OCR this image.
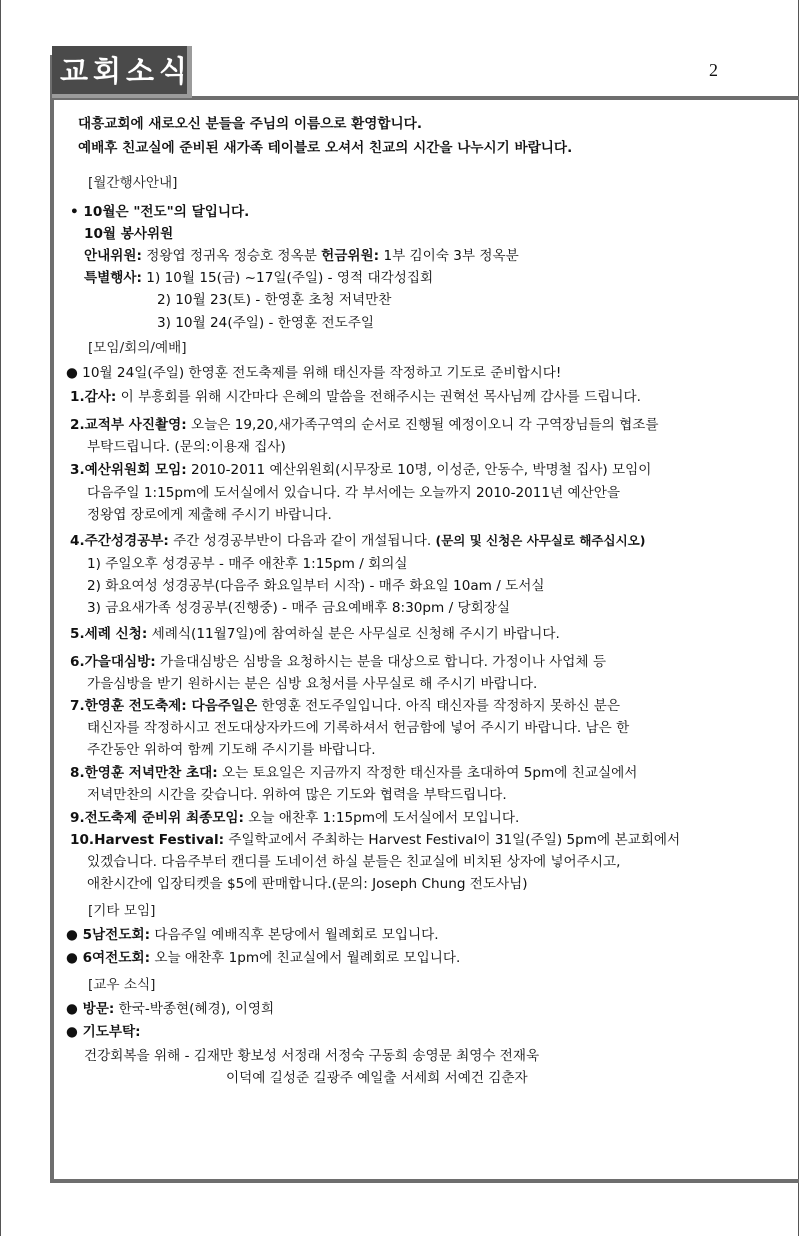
교회소식	2
대흥교회에 새로오신 분들을 주님의 이름으로 환영합니다.
예배후 친교실에 준비된 새가족 테이블로 오셔서 친교의 시간을 나누시기 바랍니다.
[월간행사안내]
• 10월은 "전도"의 달입니다.
10월 봉사위원
안내위원: 정왕엽 정귀옥 정승호 정옥분 헌금위원: 1부 김이숙 3부 정옥분
특별행사: 1) 10월 15(금) ~17일(주일) - 영적 대각성집회
2) 10월 23(토) - 한영훈 초청 저녁만찬
3) 10월 24(주일) - 한영훈 전도주일
[모임/회의/예배]
● 10월 24일(주일) 한영훈 전도축제를 위해 태신자를 작정하고 기도로 준비합시다!
1.감사: 이 부흥회를 위해 시간마다 은혜의 말씀을 전해주시는 권혁선 목사님께 감사를 드립니다.
2.교적부 사진촬영: 오늘은 19,20,새가족구역의 순서로 진행될 예정이오니 각 구역장님들의 협조를
부탁드립니다. (문의:이용재 집사)
3.예산위원회 모임: 2010-2011 예산위원회(시무장로 10명, 이성준, 안동수, 박명철 집사) 모임이
다음주일 1:15pm에 도서실에서 있습니다. 각 부서에는 오늘까지 2010-2011년 예산안을
정왕엽 장로에게 제출해 주시기 바랍니다.
4.주간성경공부: 주간 성경공부반이 다음과 같이 개설됩니다. (문의 및 신청은 사무실로 해주십시오)
1) 주일오후 성경공부 - 매주 애찬후 1:15pm / 회의실
2) 화요여성 성경공부(다음주 화요일부터 시작) - 매주 화요일 10am / 도서실
3) 금요새가족 성경공부(진행중) - 매주 금요예배후 8:30pm / 당회장실
5.세례 신청: 세례식(11월7일)에 참여하실 분은 사무실로 신청해 주시기 바랍니다.
6.가을대심방: 가을대심방은 심방을 요청하시는 분을 대상으로 합니다. 가정이나 사업체 등
가을심방을 받기 원하시는 분은 심방 요청서를 사무실로 해 주시기 바랍니다.
7.한영훈 전도축제: 다음주일은 한영훈 전도주일입니다. 아직 태신자를 작정하지 못하신 분은
태신자를 작정하시고 전도대상자카드에 기록하셔서 헌금함에 넣어 주시기 바랍니다. 남은 한
주간동안 위하여 함께 기도해 주시기를 바랍니다.
8.한영훈 저녁만찬 초대: 오는 토요일은 지금까지 작정한 태신자를 초대하여 5pm에 친교실에서
저녁만찬의 시간을 갖습니다. 위하여 많은 기도와 협력을 부탁드립니다.
9.전도축제 준비위 최종모임: 오늘 애찬후 1:15pm에 도서실에서 모입니다.
10.Harvest Festival: 주일학교에서 주최하는 Harvest Festival이 31일(주일) 5pm에 본교회에서
있겠습니다. 다음주부터 캔디를 도네이션 하실 분들은 친교실에 비치된 상자에 넣어주시고,
애찬시간에 입장티켓을 $5에 판매합니다.(문의: Joseph Chung 전도사님)
[기타 모임]
● 5남전도회: 다음주일 예배직후 본당에서 월례회로 모입니다.
● 6여전도회: 오늘 애찬후 1pm에 친교실에서 월례회로 모입니다.
[교우 소식]
● 방문: 한국-박종현(혜경), 이영희
● 기도부탁:
건강회복을 위해 - 김재만 황보성 서정래 서정숙 구동희 송영문 최영수 전재욱
이덕예 길성준 길광주 예일출 서세희 서예건 김춘자
